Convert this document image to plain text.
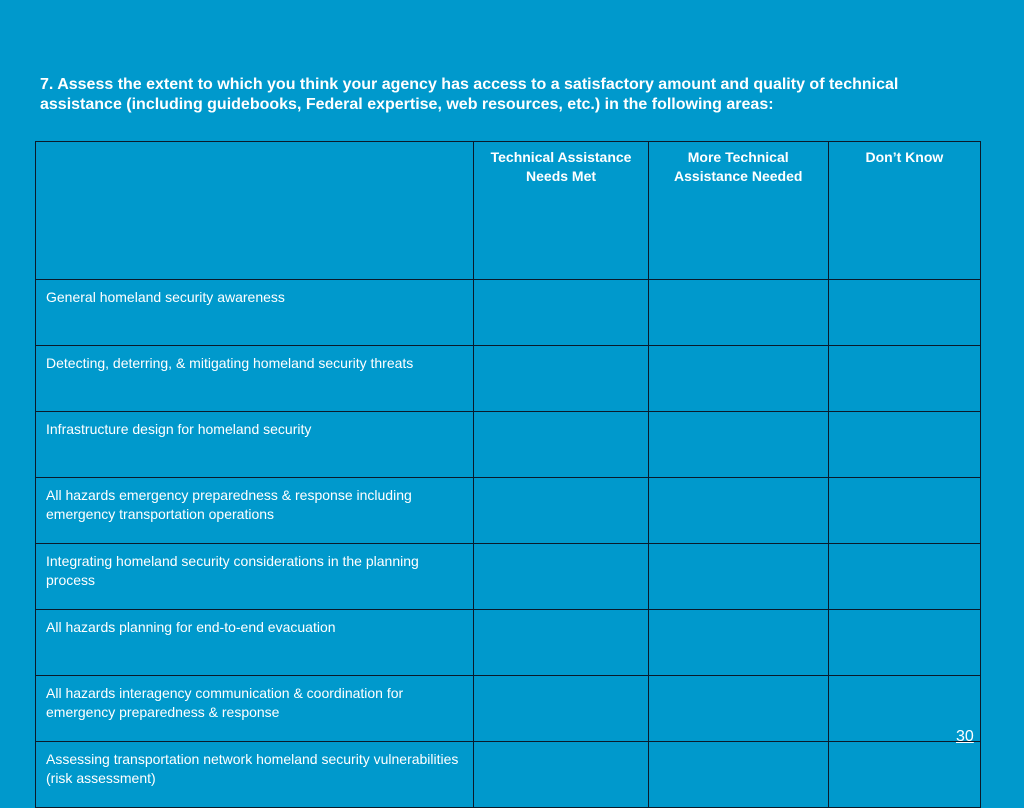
7. Assess the extent to which you think your agency has access to a satisfactory amount and quality of technical assistance (including guidebooks, Federal expertise, web resources, etc.) in the following areas:

	Technical Assistance Needs Met	More Technical Assistance Needed	Don’t Know

General homeland security awareness			
Detecting, deterring, & mitigating homeland security threats			
Infrastructure design for homeland security			
All hazards emergency preparedness & response including emergency transportation operations			
Integrating homeland security considerations in the planning process			
All hazards planning for end-to-end evacuation			
All hazards interagency communication & coordination for emergency preparedness & response			
Assessing transportation network homeland security vulnerabilities (risk assessment)			
30
